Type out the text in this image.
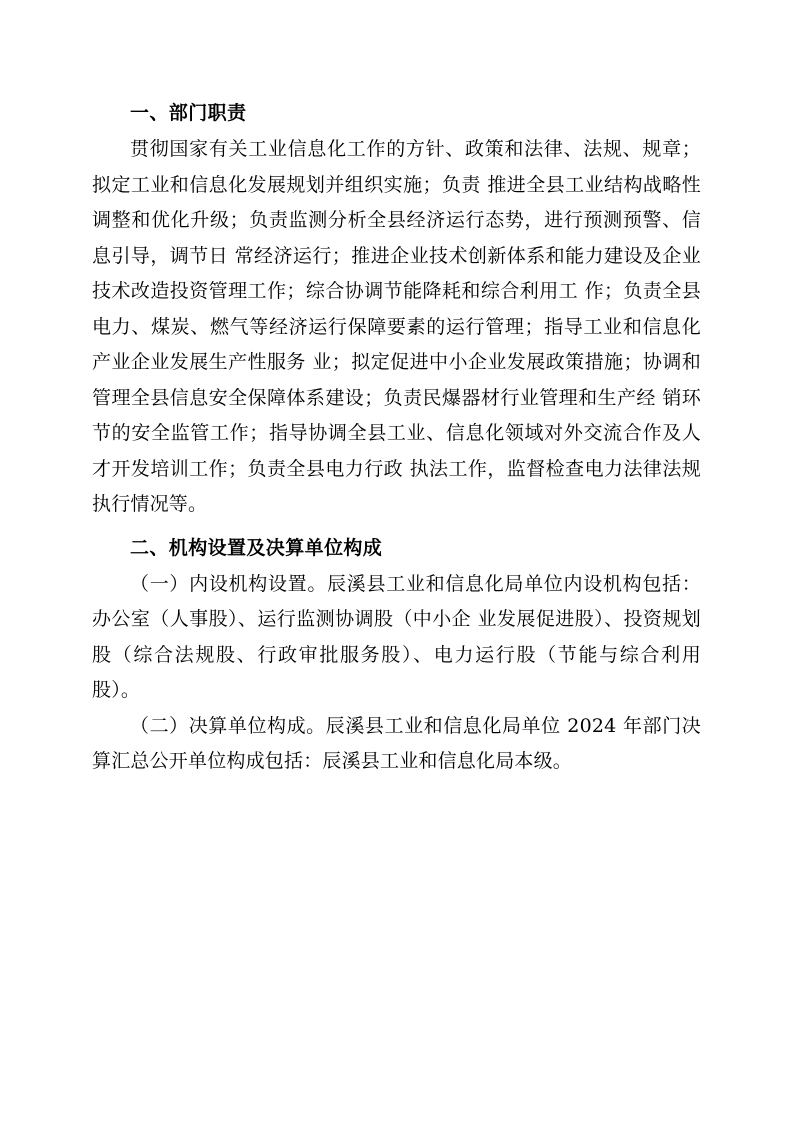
一、部门职责

贯彻国家有关工业信息化工作的方针、政策和法律、法规、规章；拟定工业和信息化发展规划并组织实施；负责 推进全县工业结构战略性调整和优化升级；负责监测分析全县经济运行态势，进行预测预警、信息引导，调节日 常经济运行；推进企业技术创新体系和能力建设及企业技术改造投资管理工作；综合协调节能降耗和综合利用工 作；负责全县电力、煤炭、燃气等经济运行保障要素的运行管理；指导工业和信息化产业企业发展生产性服务 业；拟定促进中小企业发展政策措施；协调和管理全县信息安全保障体系建设；负责民爆器材行业管理和生产经 销环节的安全监管工作；指导协调全县工业、信息化领域对外交流合作及人才开发培训工作；负责全县电力行政 执法工作，监督检查电力法律法规执行情况等。

二、机构设置及决算单位构成

（一）内设机构设置。辰溪县工业和信息化局单位内设机构包括：办公室（人事股）、运行监测协调股（中小企 业发展促进股）、投资规划股（综合法规股、行政审批服务股）、电力运行股（节能与综合利用股）。

（二）决算单位构成。辰溪县工业和信息化局单位 2024 年部门决算汇总公开单位构成包括：辰溪县工业和信息化局本级。
